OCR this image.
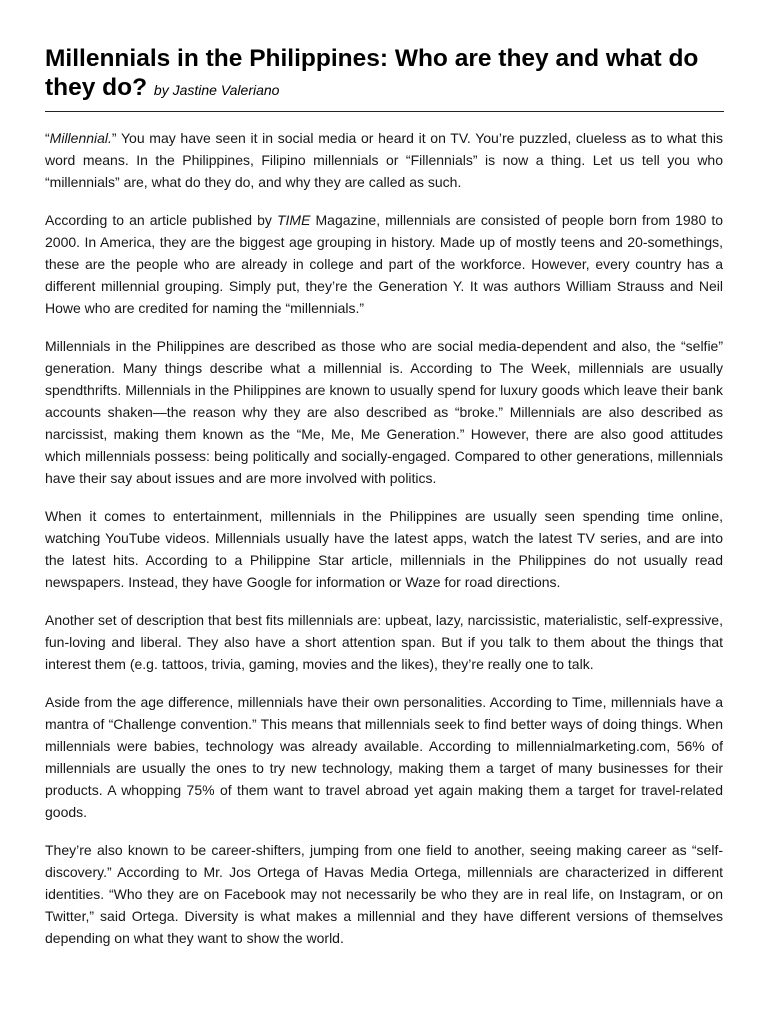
Millennials in the Philippines: Who are they and what do they do? by Jastine Valeriano

“Millennial.” You may have seen it in social media or heard it on TV. You’re puzzled, clueless as to what this word means. In the Philippines, Filipino millennials or “Fillennials” is now a thing. Let us tell you who “millennials” are, what do they do, and why they are called as such.

According to an article published by TIME Magazine, millennials are consisted of people born from 1980 to 2000. In America, they are the biggest age grouping in history. Made up of mostly teens and 20-somethings, these are the people who are already in college and part of the workforce. However, every country has a different millennial grouping. Simply put, they’re the Generation Y. It was authors William Strauss and Neil Howe who are credited for naming the “millennials.”

Millennials in the Philippines are described as those who are social media-dependent and also, the “selfie” generation. Many things describe what a millennial is. According to The Week, millennials are usually spendthrifts. Millennials in the Philippines are known to usually spend for luxury goods which leave their bank accounts shaken—the reason why they are also described as “broke.” Millennials are also described as narcissist, making them known as the “Me, Me, Me Generation.” However, there are also good attitudes which millennials possess: being politically and socially-engaged. Compared to other generations, millennials have their say about issues and are more involved with politics.

When it comes to entertainment, millennials in the Philippines are usually seen spending time online, watching YouTube videos. Millennials usually have the latest apps, watch the latest TV series, and are into the latest hits. According to a Philippine Star article, millennials in the Philippines do not usually read newspapers. Instead, they have Google for information or Waze for road directions.

Another set of description that best fits millennials are: upbeat, lazy, narcissistic, materialistic, self-expressive, fun-loving and liberal. They also have a short attention span. But if you talk to them about the things that interest them (e.g. tattoos, trivia, gaming, movies and the likes), they’re really one to talk.

Aside from the age difference, millennials have their own personalities. According to Time, millennials have a mantra of “Challenge convention.” This means that millennials seek to find better ways of doing things. When millennials were babies, technology was already available. According to millennialmarketing.com, 56% of millennials are usually the ones to try new technology, making them a target of many businesses for their products. A whopping 75% of them want to travel abroad yet again making them a target for travel-related goods.

They’re also known to be career-shifters, jumping from one field to another, seeing making career as “self-discovery.” According to Mr. Jos Ortega of Havas Media Ortega, millennials are characterized in different identities. “Who they are on Facebook may not necessarily be who they are in real life, on Instagram, or on Twitter,” said Ortega. Diversity is what makes a millennial and they have different versions of themselves depending on what they want to show the world.
